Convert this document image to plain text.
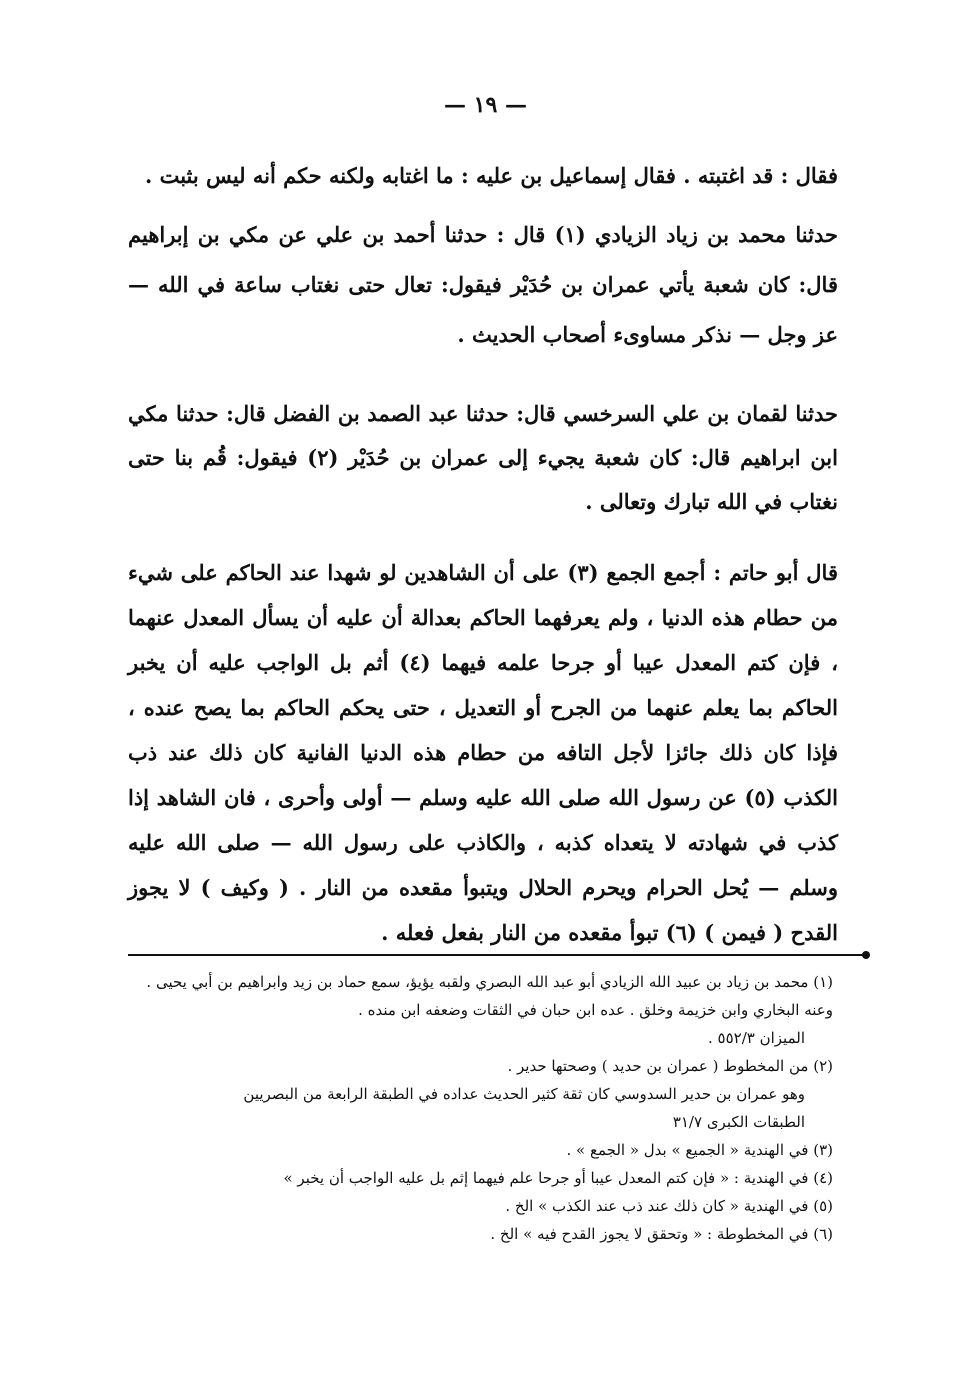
— ١٩ —
فقال : قد اغتبته . فقال إسماعيل بن عليه : ما اغتابه ولكنه حكم أنه ليس بثبت .
حدثنا محمد بن زياد الزيادي (١) قال : حدثنا أحمد بن علي عن مكي بن إبراهيم قال: كان شعبة يأتي عمران بن حُدَيْر فيقول: تعال حتى نغتاب ساعة في الله — عز وجل — نذكر مساوىء أصحاب الحديث .
حدثنا لقمان بن علي السرخسي قال: حدثنا عبد الصمد بن الفضل قال: حدثنا مكي ابن ابراهيم قال: كان شعبة يجيء إلى عمران بن حُدَيْر (٢) فيقول: قُم بنا حتى نغتاب في الله تبارك وتعالى .
قال أبو حاتم : أجمع الجمع (٣) على أن الشاهدين لو شهدا عند الحاكم على شيء من حطام هذه الدنيا ، ولم يعرفهما الحاكم بعدالة أن عليه أن يسأل المعدل عنهما ، فإن كتم المعدل عيبا أو جرحا علمه فيهما (٤) أثم بل الواجب عليه أن يخبر الحاكم بما يعلم عنهما من الجرح أو التعديل ، حتى يحكم الحاكم بما يصح عنده ، فإذا كان ذلك جائزا لأجل التافه من حطام هذه الدنيا الفانية كان ذلك عند ذب الكذب (٥) عن رسول الله صلى الله عليه وسلم — أولى وأحرى ، فان الشاهد إذا كذب في شهادته لا يتعداه كذبه ، والكاذب على رسول الله — صلى الله عليه وسلم — يُحل الحرام ويحرم الحلال ويتبوأ مقعده من النار . ( وكيف ) لا يجوز القدح ( فيمن ) (٦) تبوأ مقعده من النار بفعل فعله .
(١) محمد بن زياد بن عبيد الله الزيادي أبو عبد الله البصري ولقبه يؤيؤ، سمع حماد بن زيد وابراهيم بن أبي يحيى . وعنه البخاري وابن خزيمة وخلق . عده ابن حبان في الثقات وضعفه ابن منده .
الميزان ٥٥٢/٣ .
(٢) من المخطوط ( عمران بن حديد ) وصحتها حدير .
وهو عمران بن حدير السدوسي كان ثقة كثير الحديث عداده في الطبقة الرابعة من البصريين
الطبقات الكبرى ٣١/٧
(٣) في الهندية « الجميع » بدل « الجمع » .
(٤) في الهندية : « فإن كتم المعدل عيبا أو جرحا علم فيهما إثم بل عليه الواجب أن يخبر »
(٥) في الهندية « كان ذلك عند ذب عند الكذب » الخ .
(٦) في المخطوطة : « وتحقق لا يجوز القدح فيه » الخ .
